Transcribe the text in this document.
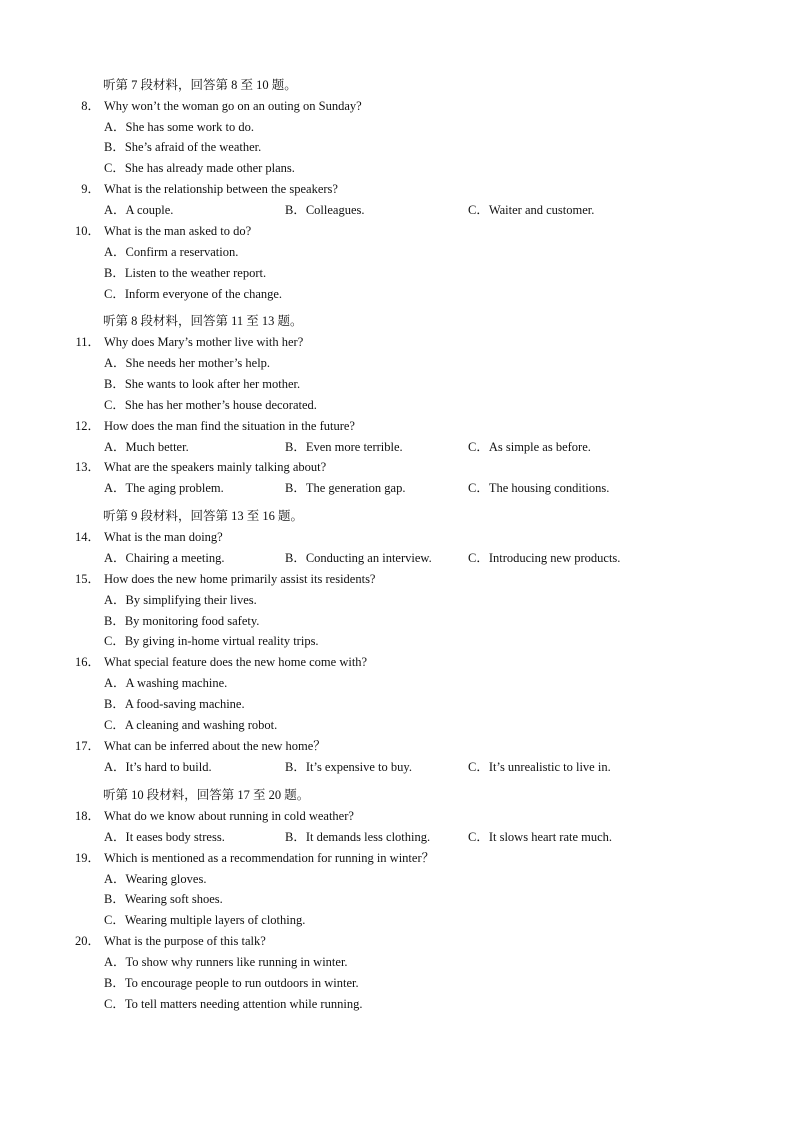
听第 7 段材料，回答第 8 至 10 题。
8． Why won’t the woman go on an outing on Sunday?
A．She has some work to do.
B．She’s afraid of the weather.
C．She has already made other plans.
9． What is the relationship between the speakers?
A．A couple.	B．Colleagues.	C．Waiter and customer.
10． What is the man asked to do?
A．Confirm a reservation.
B．Listen to the weather report.
C．Inform everyone of the change.
听第 8 段材料，回答第 11 至 13 题。
11． Why does Mary’s mother live with her?
A．She needs her mother’s help.
B．She wants to look after her mother.
C．She has her mother’s house decorated.
12． How does the man find the situation in the future?
A．Much better.	B．Even more terrible.	C．As simple as before.
13． What are the speakers mainly talking about?
A．The aging problem.	B．The generation gap.	C．The housing conditions.
听第 9 段材料，回答第 13 至 16 题。
14． What is the man doing?
A．Chairing a meeting.	B．Conducting an interview.	C．Introducing new products.
15． How does the new home primarily assist its residents?
A．By simplifying their lives.
B．By monitoring food safety.
C．By giving in-home virtual reality trips.
16． What special feature does the new home come with?
A．A washing machine.
B．A food-saving machine.
C．A cleaning and washing robot.
17． What can be inferred about the new home？
A．It’s hard to build.	B．It’s expensive to buy.	C．It’s unrealistic to live in.
听第 10 段材料，回答第 17 至 20 题。
18． What do we know about running in cold weather?
A．It eases body stress.	B．It demands less clothing.	C．It slows heart rate much.
19． Which is mentioned as a recommendation for running in winter？
A．Wearing gloves.
B．Wearing soft shoes.
C．Wearing multiple layers of clothing.
20． What is the purpose of this talk?
A．To show why runners like running in winter.
B．To encourage people to run outdoors in winter.
C．To tell matters needing attention while running.
